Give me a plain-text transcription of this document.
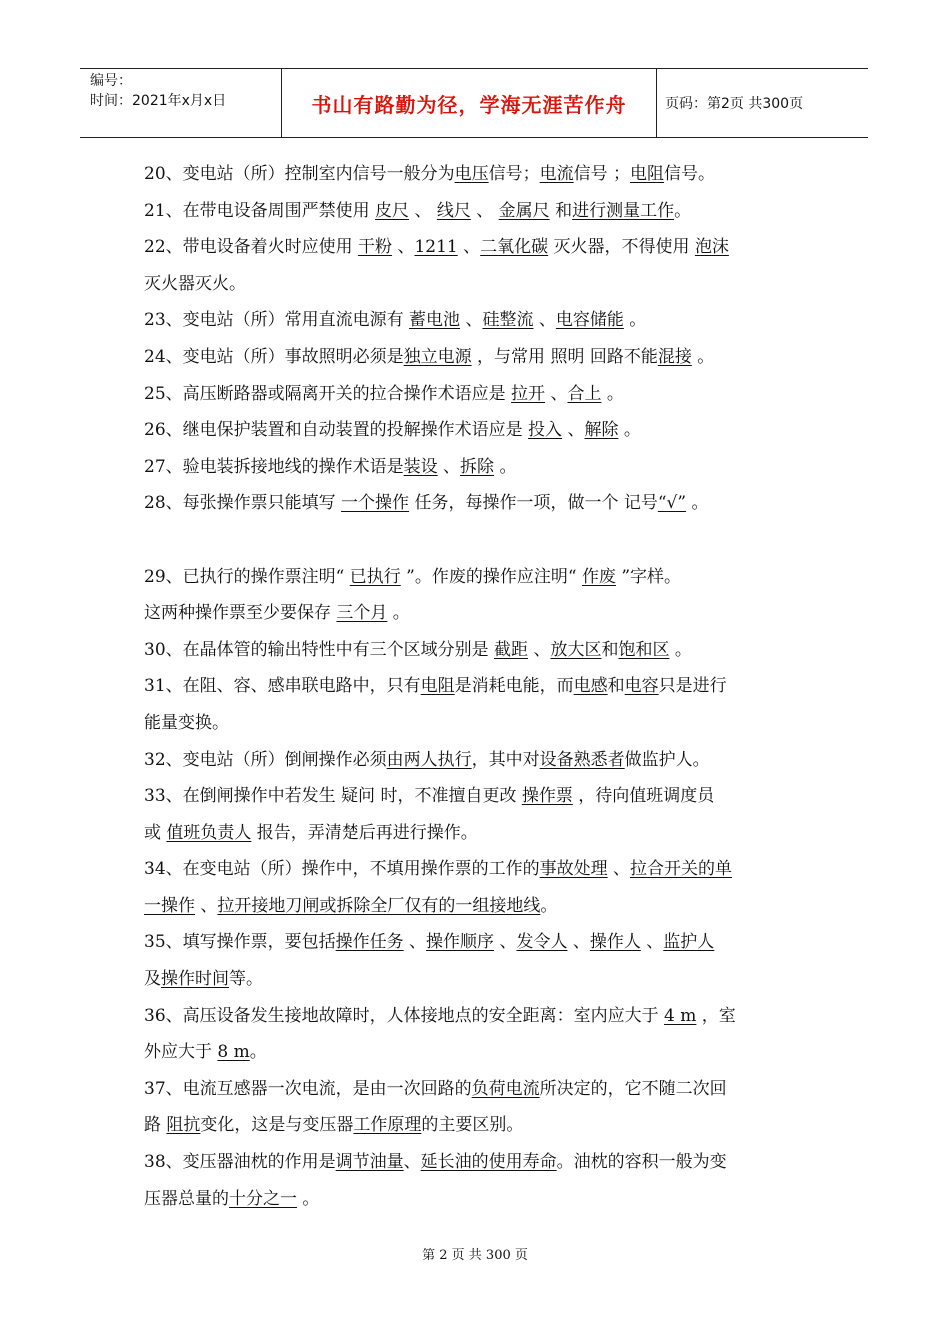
编号：
时间：2021年x月x日	书山有路勤为径，学海无涯苦作舟	页码：第2页 共300页
20、变电站（所）控制室内信号一般分为电压信号；电流信号 ；电阻信号。
21、在带电设备周围严禁使用 皮尺 、 线尺 、 金属尺 和进行测量工作。
22、带电设备着火时应使用 干粉 、1211 、二氧化碳 灭火器，不得使用 泡沫
灭火器灭火。
23、变电站（所）常用直流电源有 蓄电池 、硅整流 、电容储能 。
24、变电站（所）事故照明必须是独立电源 ，与常用 照明 回路不能混接 。
25、高压断路器或隔离开关的拉合操作术语应是 拉开 、合上 。
26、继电保护装置和自动装置的投解操作术语应是 投入 、解除 。
27、验电装拆接地线的操作术语是装设 、拆除 。
28、每张操作票只能填写 一个操作 任务，每操作一项，做一个 记号“√” 。
29、已执行的操作票注明“ 已执行 ”。作废的操作应注明“ 作废 ”字样。
这两种操作票至少要保存 三个月 。
30、在晶体管的输出特性中有三个区域分别是 截距 、放大区和饱和区 。
31、在阻、容、感串联电路中，只有电阻是消耗电能，而电感和电容只是进行
能量变换。
32、变电站（所）倒闸操作必须由两人执行，其中对设备熟悉者做监护人。
33、在倒闸操作中若发生 疑问 时，不准擅自更改 操作票 ，待向值班调度员
或 值班负责人 报告，弄清楚后再进行操作。
34、在变电站（所）操作中，不填用操作票的工作的事故处理 、拉合开关的单
一操作 、拉开接地刀闸或拆除全厂仅有的一组接地线。
35、填写操作票，要包括操作任务 、操作顺序 、发令人 、操作人 、监护人
及操作时间等。
36、高压设备发生接地故障时，人体接地点的安全距离：室内应大于 4 m ，室
外应大于 8 m。
37、电流互感器一次电流，是由一次回路的负荷电流所决定的，它不随二次回
路 阻抗变化，这是与变压器工作原理的主要区别。
38、变压器油枕的作用是调节油量、延长油的使用寿命。油枕的容积一般为变
压器总量的十分之一 。
第 2 页 共 300 页
